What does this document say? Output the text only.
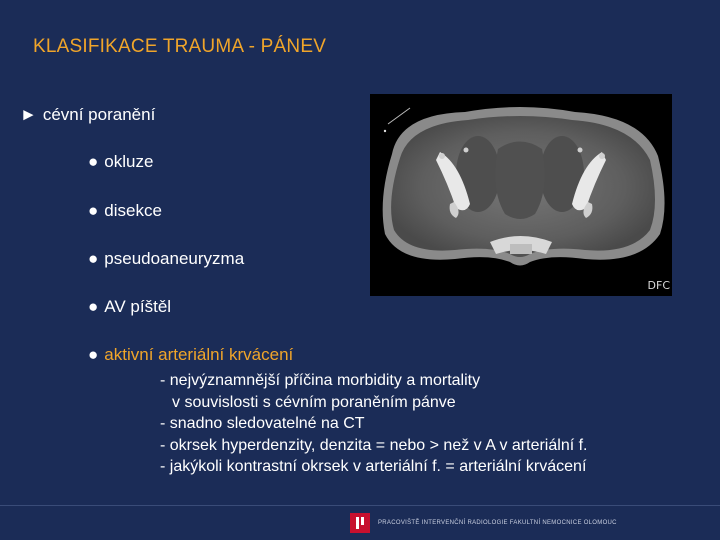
KLASIFIKACE TRAUMA - PÁNEV
► cévní poranění
● okluze
● disekce
● pseudoaneuryzma
● AV píštěl
● aktivní arteriální krvácení
- nejvýznamnější příčina morbidity a mortality
v souvislosti s cévním poraněním pánve
- snadno sledovatelné na CT
- okrsek hyperdenzity, denzita = nebo > než v A v arteriální f.
- jakýkoli kontrastní okrsek v arteriální f. = arteriální krvácení
DFC
PRACOVIŠTĚ INTERVENČNÍ RADIOLOGIE FAKULTNÍ NEMOCNICE OLOMOUC
